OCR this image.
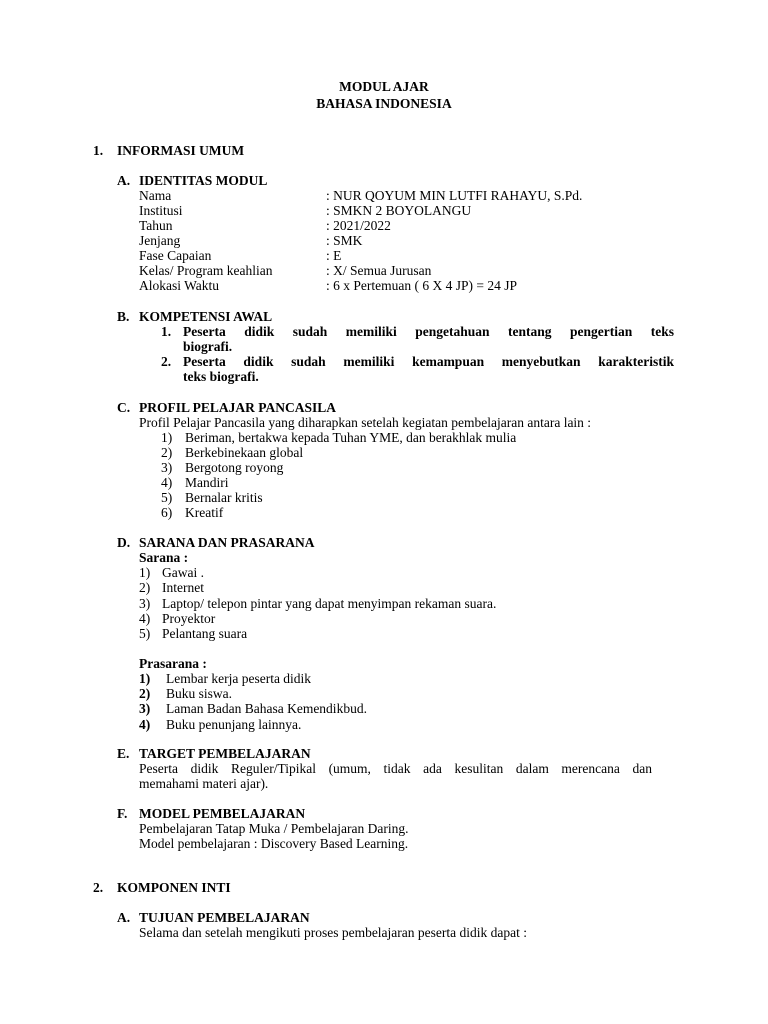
MODUL AJAR
BAHASA INDONESIA
1. INFORMASI UMUM
A. IDENTITAS MODUL
Nama	: NUR QOYUM MIN LUTFI RAHAYU, S.Pd.
Institusi	: SMKN 2 BOYOLANGU
Tahun	: 2021/2022
Jenjang	: SMK
Fase Capaian	: E
Kelas/ Program keahlian	: X/ Semua Jurusan
Alokasi Waktu	: 6 x Pertemuan ( 6 X 4 JP) = 24 JP
B. KOMPETENSI AWAL
1. Peserta didik sudah memiliki pengetahuan tentang pengertian teks
biografi.
2. Peserta didik sudah memiliki kemampuan menyebutkan karakteristik
teks biografi.
C. PROFIL PELAJAR PANCASILA
Profil Pelajar Pancasila yang diharapkan setelah kegiatan pembelajaran antara lain :
1) Beriman, bertakwa kepada Tuhan YME, dan berakhlak mulia
2) Berkebinekaan global
3) Bergotong royong
4) Mandiri
5) Bernalar kritis
6) Kreatif
D. SARANA DAN PRASARANA
Sarana :
1) Gawai .
2) Internet
3) Laptop/ telepon pintar yang dapat menyimpan rekaman suara.
4) Proyektor
5) Pelantang suara
Prasarana :
1) Lembar kerja peserta didik
2) Buku siswa.
3) Laman Badan Bahasa Kemendikbud.
4) Buku penunjang lainnya.
E. TARGET PEMBELAJARAN
Peserta didik Reguler/Tipikal (umum, tidak ada kesulitan dalam merencana dan
memahami materi ajar).
F. MODEL PEMBELAJARAN
Pembelajaran Tatap Muka / Pembelajaran Daring.
Model pembelajaran : Discovery Based Learning.
2. KOMPONEN INTI
A. TUJUAN PEMBELAJARAN
Selama dan setelah mengikuti proses pembelajaran peserta didik dapat :
